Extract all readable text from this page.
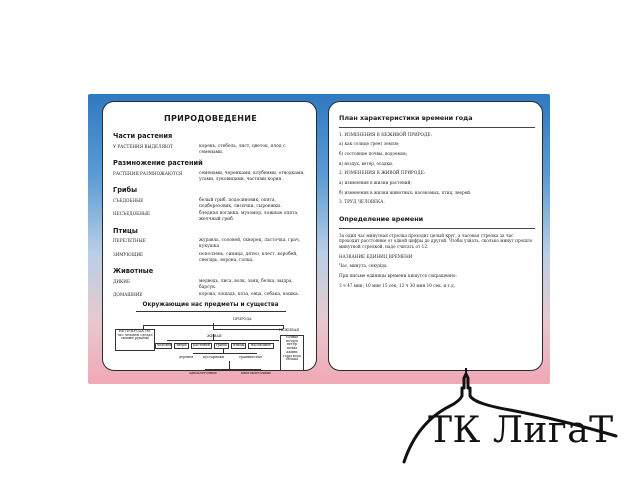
ПРИРОДОВЕДЕНИЕ
Части растения
У РАСТЕНИЯ ВЫДЕЛЯЮТ	корень, стебель, лист, цветок, плод с семенами.
Размножение растений
РАСТЕНИЯ РАЗМНОЖАЮТСЯ	семенами, черенками, клубнями, отводками, усами, луковицами, частями корня.
Грибы
СЪЕДОБНЫЕ	белый гриб, подосиновик, опята, подберезовик, лисички, сыроежки.
НЕСЪЕДОБНЫЕ	бледная поганка, мухомор, ложные опята, желчный гриб.
Птицы
ПЕРЕЛЕТНЫЕ	журавль, соловей, скворец, ласточка, грач, кукушка
ЗИМУЮЩИЕ	поползень, синица, дятел, клест, воробей, снегирь, ворона, галка.
Животные
ДИКИЕ	медведь, лиса, волк, заяц, белка, выдра, барсук.
ДОМАШНИЕ	корова, лошадь, коза, овца, собака, кошка.
Окружающие нас предметы и существа
ПРИРОДА
НЕ ПРИРОДА (то, что человек сделал своими руками)
ЖИВАЯ
НЕЖИВАЯ
солнце воздух ветер почва камни горы вода облака
человек	звери	растения	грибы	птицы	насекомые
деревья	кустарники	травянистые
одноклеточные	многоклеточные
План характеристики времени года
1. ИЗМЕНЕНИЯ В НЕЖИВОЙ ПРИРОДЕ:
а) как солнце греет землю;
б) состояние почвы, водоемов;
в) воздух, ветер, осадки.
2. ИЗМЕНЕНИЯ В ЖИВОЙ ПРИРОДЕ:
а) изменения в жизни растений;
б) изменения в жизни животных: насекомых, птиц, зверей.
3. ТРУД ЧЕЛОВЕКА.
Определение времени
За один час минутная стрелка проходит целый круг, а часовая стрелка за час проходит расстояние от одной цифры до другой. Чтобы узнать, сколько минут прошло минутной стрелкой, надо считать от 12.
НАЗВАНИЕ ЕДИНИЦ ВРЕМЕНИ
Час, минута, секунда.
При письме единицы времени пишутся сокращенно:
3 ч 47 мин; 10 мин 15 сек; 12 ч 30 мин 10 сек. и т.д.
ТК ЛигаТ
